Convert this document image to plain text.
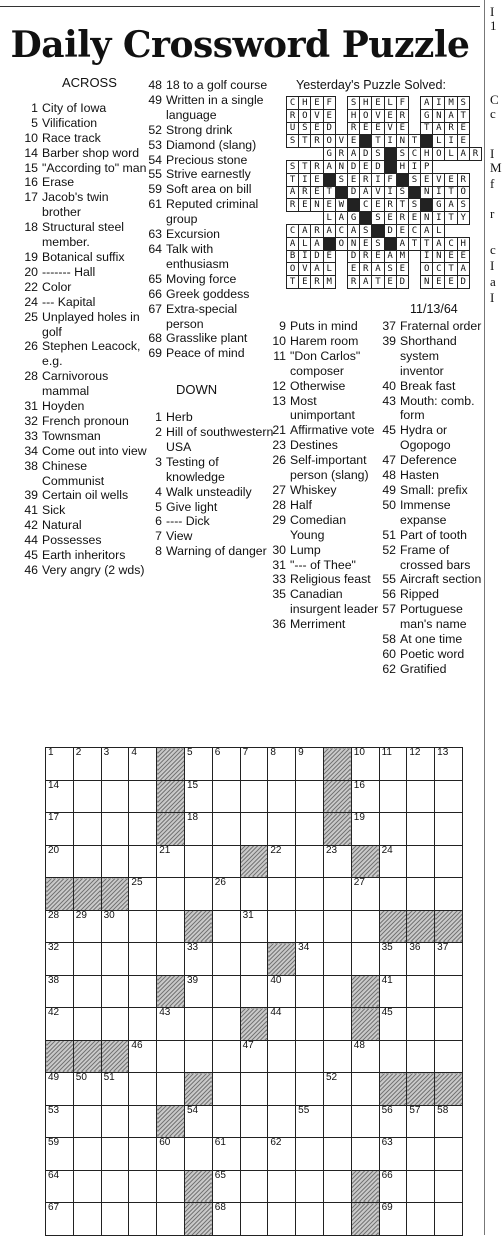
I
1
C
c
I
M
f
r
c
I
a
I
Daily Crossword Puzzle
ACROSS
1 City of Iowa
5 Vilification
10 Race track
14 Barber shop word
15 "According to" man
16 Erase
17 Jacob's twin brother
18 Structural steel member.
19 Botanical suffix
20 ------- Hall
22 Color
24 --- Kapital
25 Unplayed holes in golf
26 Stephen Leacock, e.g.
28 Carnivorous mammal
31 Hoyden
32 French pronoun
33 Townsman
34 Come out into view
38 Chinese Communist
39 Certain oil wells
41 Sick
42 Natural
44 Possesses
45 Earth inheritors
46 Very angry (2 wds)
48 18 to a golf course
49 Written in a single language
52 Strong drink
53 Diamond (slang)
54 Precious stone
55 Strive earnestly
59 Soft area on bill
61 Reputed criminal group
63 Excursion
64 Talk with enthusiasm
65 Moving force
66 Greek goddess
67 Extra-special person
68 Grasslike plant
69 Peace of mind
DOWN
1 Herb
2 Hill of southwestern USA
3 Testing of knowledge
4 Walk unsteadily
5 Give light
6 ---- Dick
7 View
8 Warning of danger
9 Puts in mind
10 Harem room
11 "Don Carlos" composer
12 Otherwise
13 Most unimportant
21 Affirmative vote
23 Destines
26 Self-important person (slang)
27 Whiskey
28 Half
29 Comedian Young
30 Lump
31 "--- of Thee"
33 Religious feast
35 Canadian insurgent leader
36 Merriment
37 Fraternal order
39 Shorthand system inventor
40 Break fast
43 Mouth: comb. form
45 Hydra or Ogopogo
47 Deference
48 Hasten
49 Small: prefix
50 Immense expanse
51 Part of tooth
52 Frame of crossed bars
55 Aircraft section
56 Ripped
57 Portuguese man's name
58 At one time
60 Poetic word
62 Gratified
Yesterday's Puzzle Solved:
C	H	E	F		S	H	E	L	F		A	I	M	S	
R	O	V	E		H	O	V	E	R		G	N	A	T	
U	S	E	D		R	E	E	V	E		T	A	R	E	
S	T	R	O	V	E		T	I	N	T		L	I	E	
			G	R	A	D	S		S	C	H	O	L	A	R
S	T	R	A	N	D	E	D		H	I	P				
T	I	E		S	E	R	I	F		S	E	V	E	R	
A	R	E	T		D	A	V	I	S		N	I	T	O	
R	E	N	E	W		C	E	R	T	S		G	A	S	
			L	A	G		S	E	R	E	N	I	T	Y	
C	A	R	A	C	A	S		D	E	C	A	L			
A	L	A		O	N	E	S		A	T	T	A	C	H	
B	I	D	E		D	R	E	A	M		I	N	E	E	
O	V	A	L		E	R	A	S	E		O	C	T	A	
T	E	R	M		R	A	T	E	D		N	E	E	D	
11/13/64
1	2	3	4		5	6	7	8	9		10	11	12	13
14					15						16			
17					18						19			
20				21				22		23		24		
			25			26					27			
28	29	30					31							
32					33				34			35	36	37
38					39			40				41		
42				43				44				45		
			46				47				48			
49	50	51								52				
53					54				55			56	57	58
59				60		61		62				63		
64						65						66		
67						68						69		
